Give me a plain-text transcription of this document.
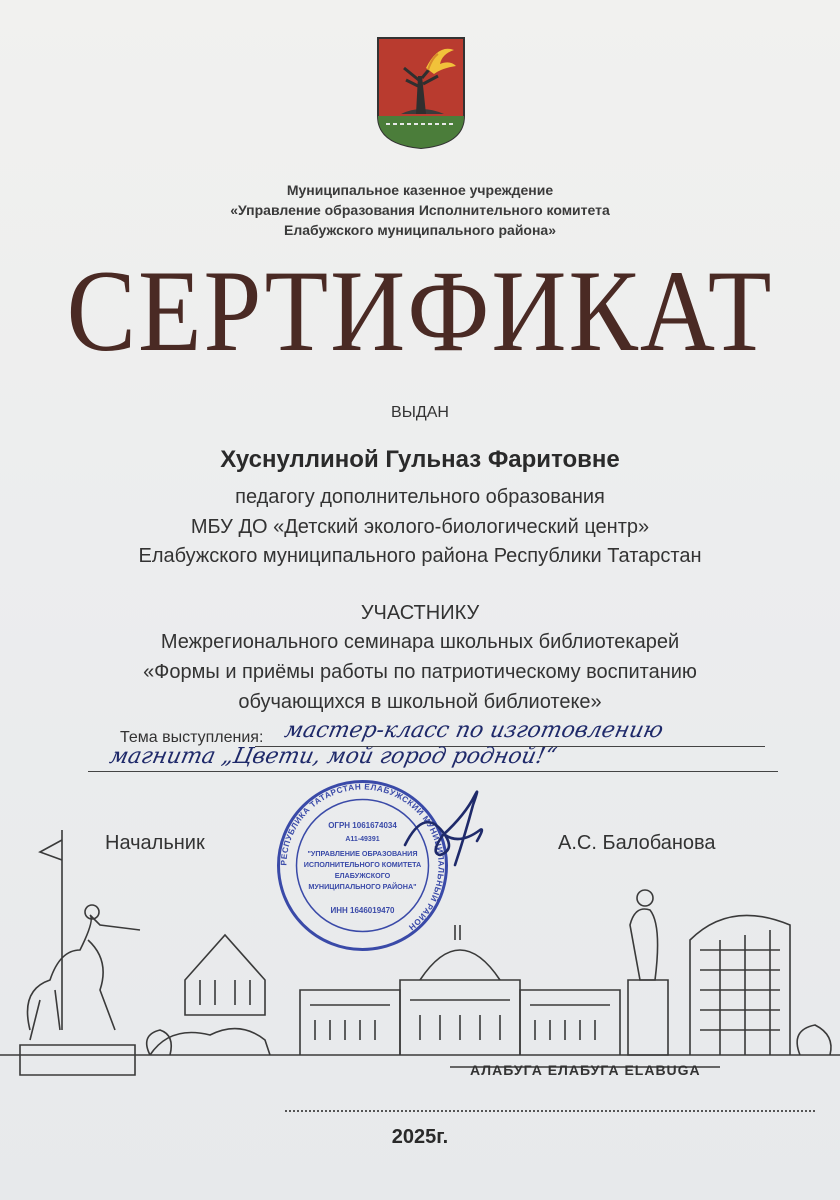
Муниципальное казенное учреждение
«Управление образования Исполнительного комитета
Елабужского муниципального района»
СЕРТИФИКАТ
ВЫДАН
Хуснуллиной Гульназ Фаритовне
педагогу дополнительного образования
МБУ ДО «Детский эколого-биологический центр»
Елабужского муниципального района Республики Татарстан
УЧАСТНИКУ
Межрегионального семинара школьных библиотекарей
«Формы и приёмы работы по патриотическому воспитанию
обучающихся в школьной библиотеке»
Тема выступления: мастер-класс по изготовлению
магнита „Цвети, мой город родной!“
АЛАБУГА ЕЛАБУГА ELABUGA
РЕСПУБЛИКА ТАТАРСТАН ЕЛАБУЖСКИЙ МУНИЦИПАЛЬНЫЙ РАЙОН
ОГРН 1061674034
А11-49391
"УПРАВЛЕНИЕ ОБРАЗОВАНИЯ
ИСПОЛНИТЕЛЬНОГО КОМИТЕТА
ЕЛАБУЖСКОГО
МУНИЦИПАЛЬНОГО РАЙОНА"
ИНН 1646019470
Начальник	А.С. Балобанова
2025г.
